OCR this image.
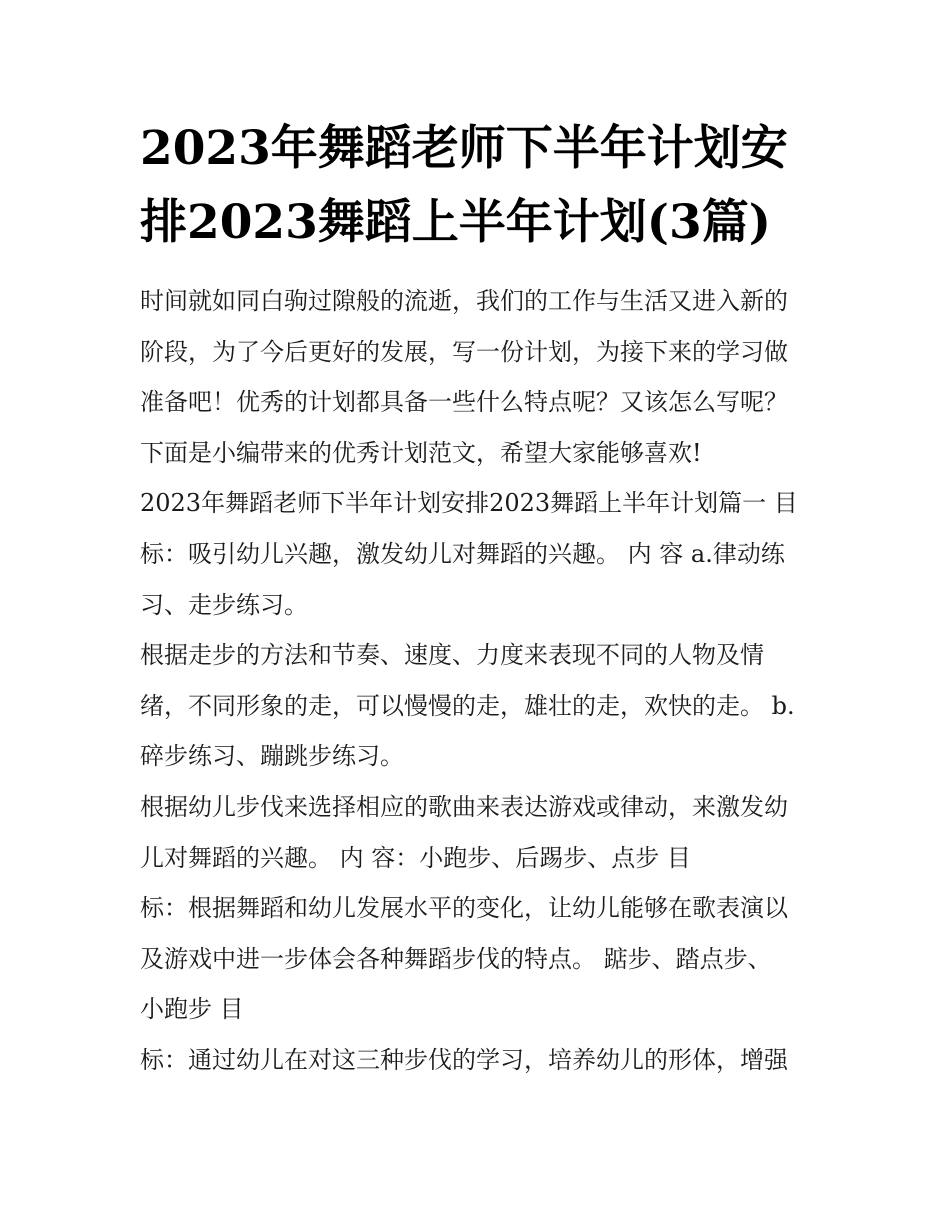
2023年舞蹈老师下半年计划安
排2023舞蹈上半年计划(3篇)
时间就如同白驹过隙般的流逝，我们的工作与生活又进入新的
阶段，为了今后更好的发展，写一份计划，为接下来的学习做
准备吧！优秀的计划都具备一些什么特点呢？又该怎么写呢？
下面是小编带来的优秀计划范文，希望大家能够喜欢!
2023年舞蹈老师下半年计划安排2023舞蹈上半年计划篇一 目
标：吸引幼儿兴趣，激发幼儿对舞蹈的兴趣。 内 容 a.律动练
习、走步练习。
根据走步的方法和节奏、速度、力度来表现不同的人物及情
绪，不同形象的走，可以慢慢的走，雄壮的走，欢快的走。 b.
碎步练习、蹦跳步练习。
根据幼儿步伐来选择相应的歌曲来表达游戏或律动，来激发幼
儿对舞蹈的兴趣。 内 容：小跑步、后踢步、点步 目
标：根据舞蹈和幼儿发展水平的变化，让幼儿能够在歌表演以
及游戏中进一步体会各种舞蹈步伐的特点。 踮步、踏点步、
小跑步 目
标：通过幼儿在对这三种步伐的学习，培养幼儿的形体，增强
